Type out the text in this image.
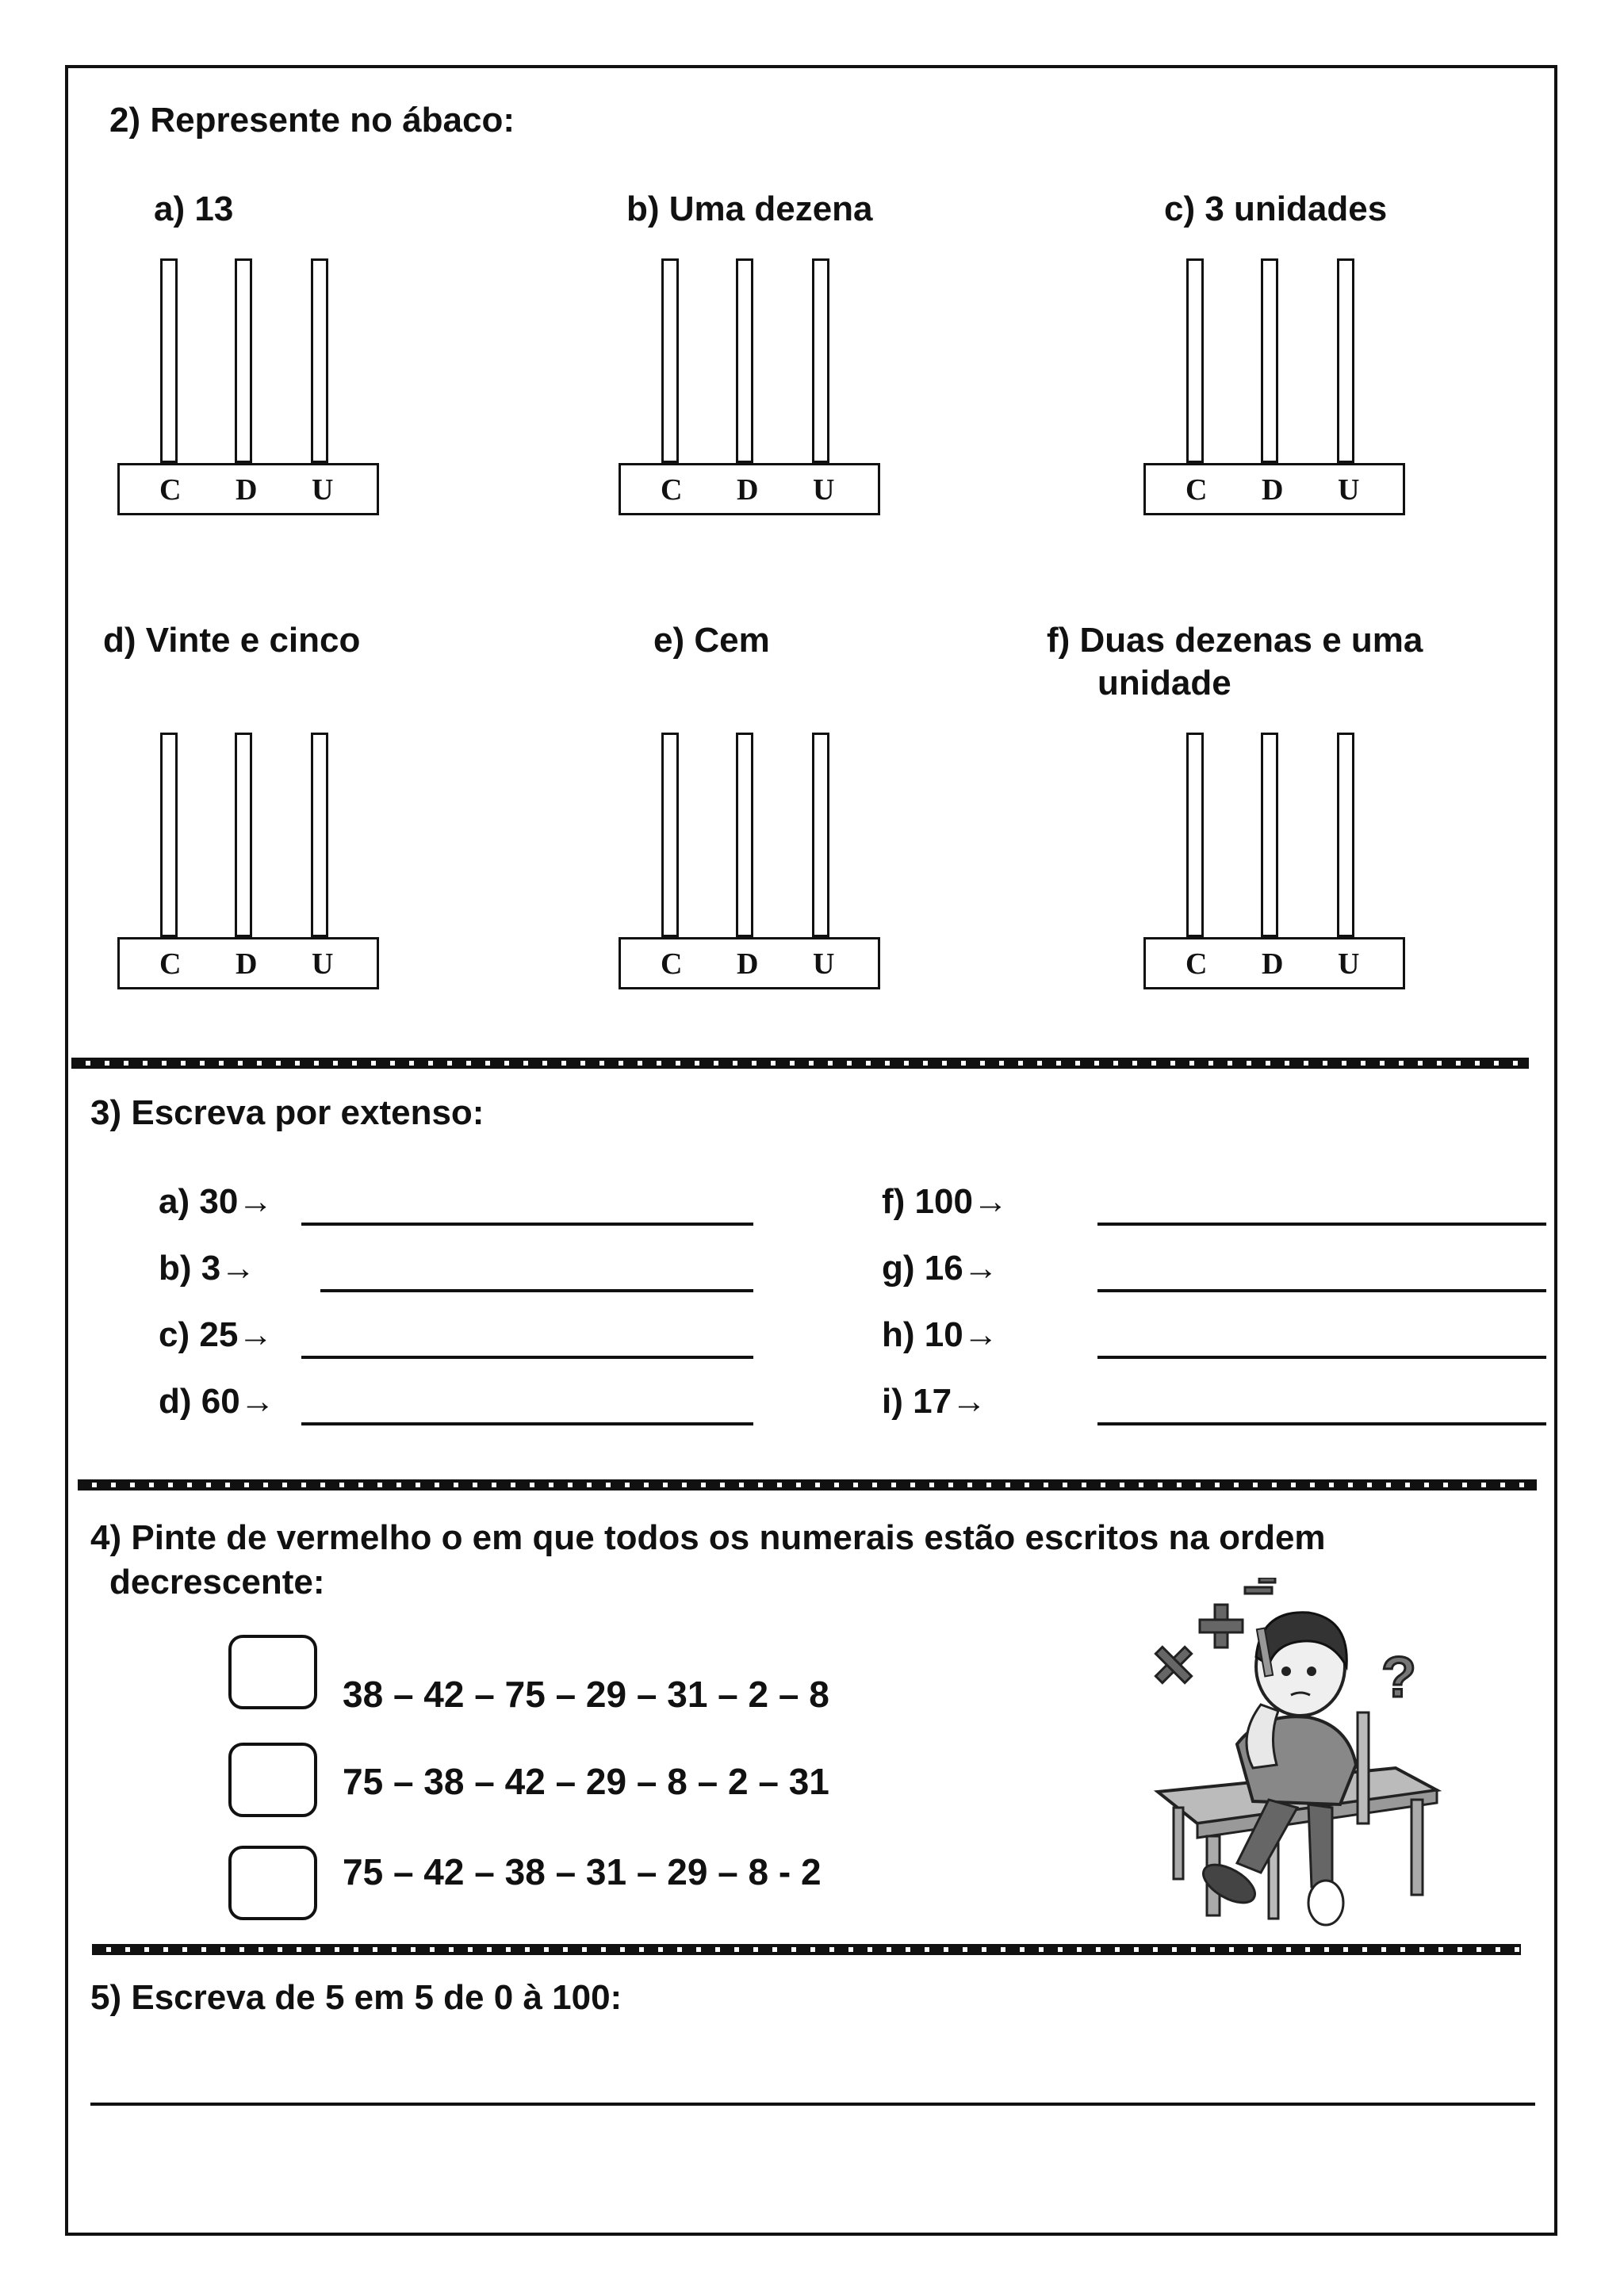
2) Represente no ábaco:
a) 13	b) Uma dezena	c) 3 unidades
d) Vinte e cinco	e) Cem	f) Duas dezenas e uma
unidade
C D U	C D U	C D U
C D U	C D U	C D U
3) Escreva por extenso:
a) 30→
b) 3→
c) 25→
d) 60→
f) 100→
g) 16→
h) 10→
i) 17→
4) Pinte de vermelho o em que todos os numerais estão escritos na ordem
decrescente:
38 – 42 – 75 – 29 – 31 – 2 – 8
75 – 38 – 42 – 29 – 8 – 2 – 31
75 – 42 – 38 – 31 – 29 – 8 - 2
?
5) Escreva de 5 em 5 de 0 à 100:
